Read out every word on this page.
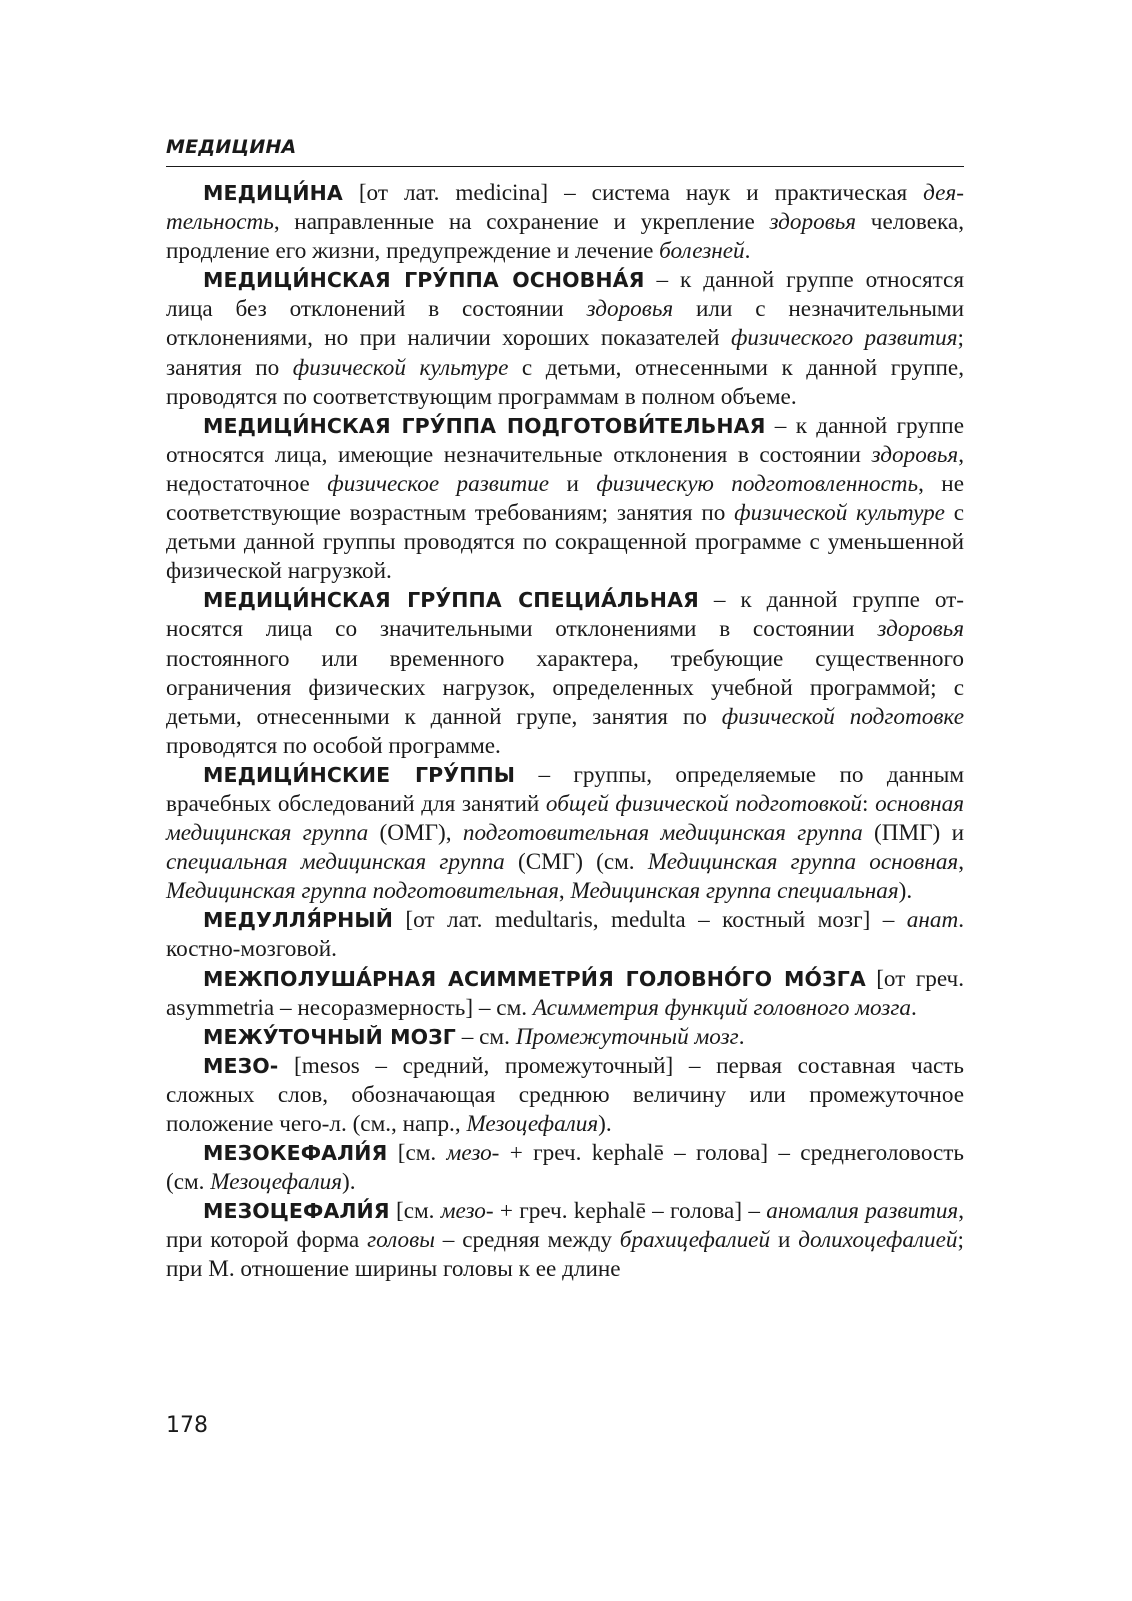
МЕДИЦИНА

МЕДИЦИ́НА [от лат. medicina] – система наук и практическая деятельность, направленные на сохранение и укрепление здоровья человека, продление его жизни, предупреждение и лечение болезней.

МЕДИЦИ́НСКАЯ ГРУ́ППА ОСНОВНА́Я – к данной группе относятся лица без отклонений в состоянии здоровья или с незначительными отклонениями, но при наличии хороших показателей физического развития; занятия по физической культуре с детьми, отнесенными к данной группе, проводятся по соответствующим программам в полном объеме.

МЕДИЦИ́НСКАЯ ГРУ́ППА ПОДГОТОВИ́ТЕЛЬНАЯ – к данной группе относятся лица, имеющие незначительные отклонения в состоянии здоровья, недостаточное физическое развитие и физическую подготовленность, не соответствующие возрастным требованиям; занятия по физической культуре с детьми данной группы проводятся по сокращенной программе с уменьшенной физической нагрузкой.

МЕДИЦИ́НСКАЯ ГРУ́ППА СПЕЦИА́ЛЬНАЯ – к данной группе относятся лица со значительными отклонениями в состоянии здоровья постоянного или временного характера, требующие существенного ограничения физических нагрузок, определенных учебной программой; с детьми, отнесенными к данной групе, занятия по физической подготовке проводятся по особой программе.

МЕДИЦИ́НСКИЕ ГРУ́ППЫ – группы, определяемые по данным врачебных обследований для занятий общей физической подготовкой: основная медицинская группа (ОМГ), подготовительная медицинская группа (ПМГ) и специальная медицинская группа (СМГ) (см. Медицинская группа основная, Медицинская группа подготовительная, Медицинская группа специальная).

МЕДУЛЛЯ́РНЫЙ [от лат. medultaris, medulta – костный мозг] – анат. костно-мозговой.

МЕЖПОЛУША́РНАЯ АСИММЕТРИ́Я ГОЛОВНО́ГО МО́ЗГА [от греч. asymmetria – несоразмерность] – см. Асимметрия функций головного мозга.

МЕЖУ́ТОЧНЫЙ МОЗГ – см. Промежуточный мозг.

МЕЗО- [mesos – средний, промежуточный] – первая составная часть сложных слов, обозначающая среднюю величину или промежуточное положение чего-л. (см., напр., Мезоцефалия).

МЕЗОКЕФАЛИ́Я [см. мезо- + греч. kephalē – голова] – среднеголовость (см. Мезоцефалия).

МЕЗОЦЕФАЛИ́Я [см. мезо- + греч. kephalē – голова] – аномалия развития, при которой форма головы – средняя между брахицефалией и долихоцефалией; при М. отношение ширины головы к ее длине

178
